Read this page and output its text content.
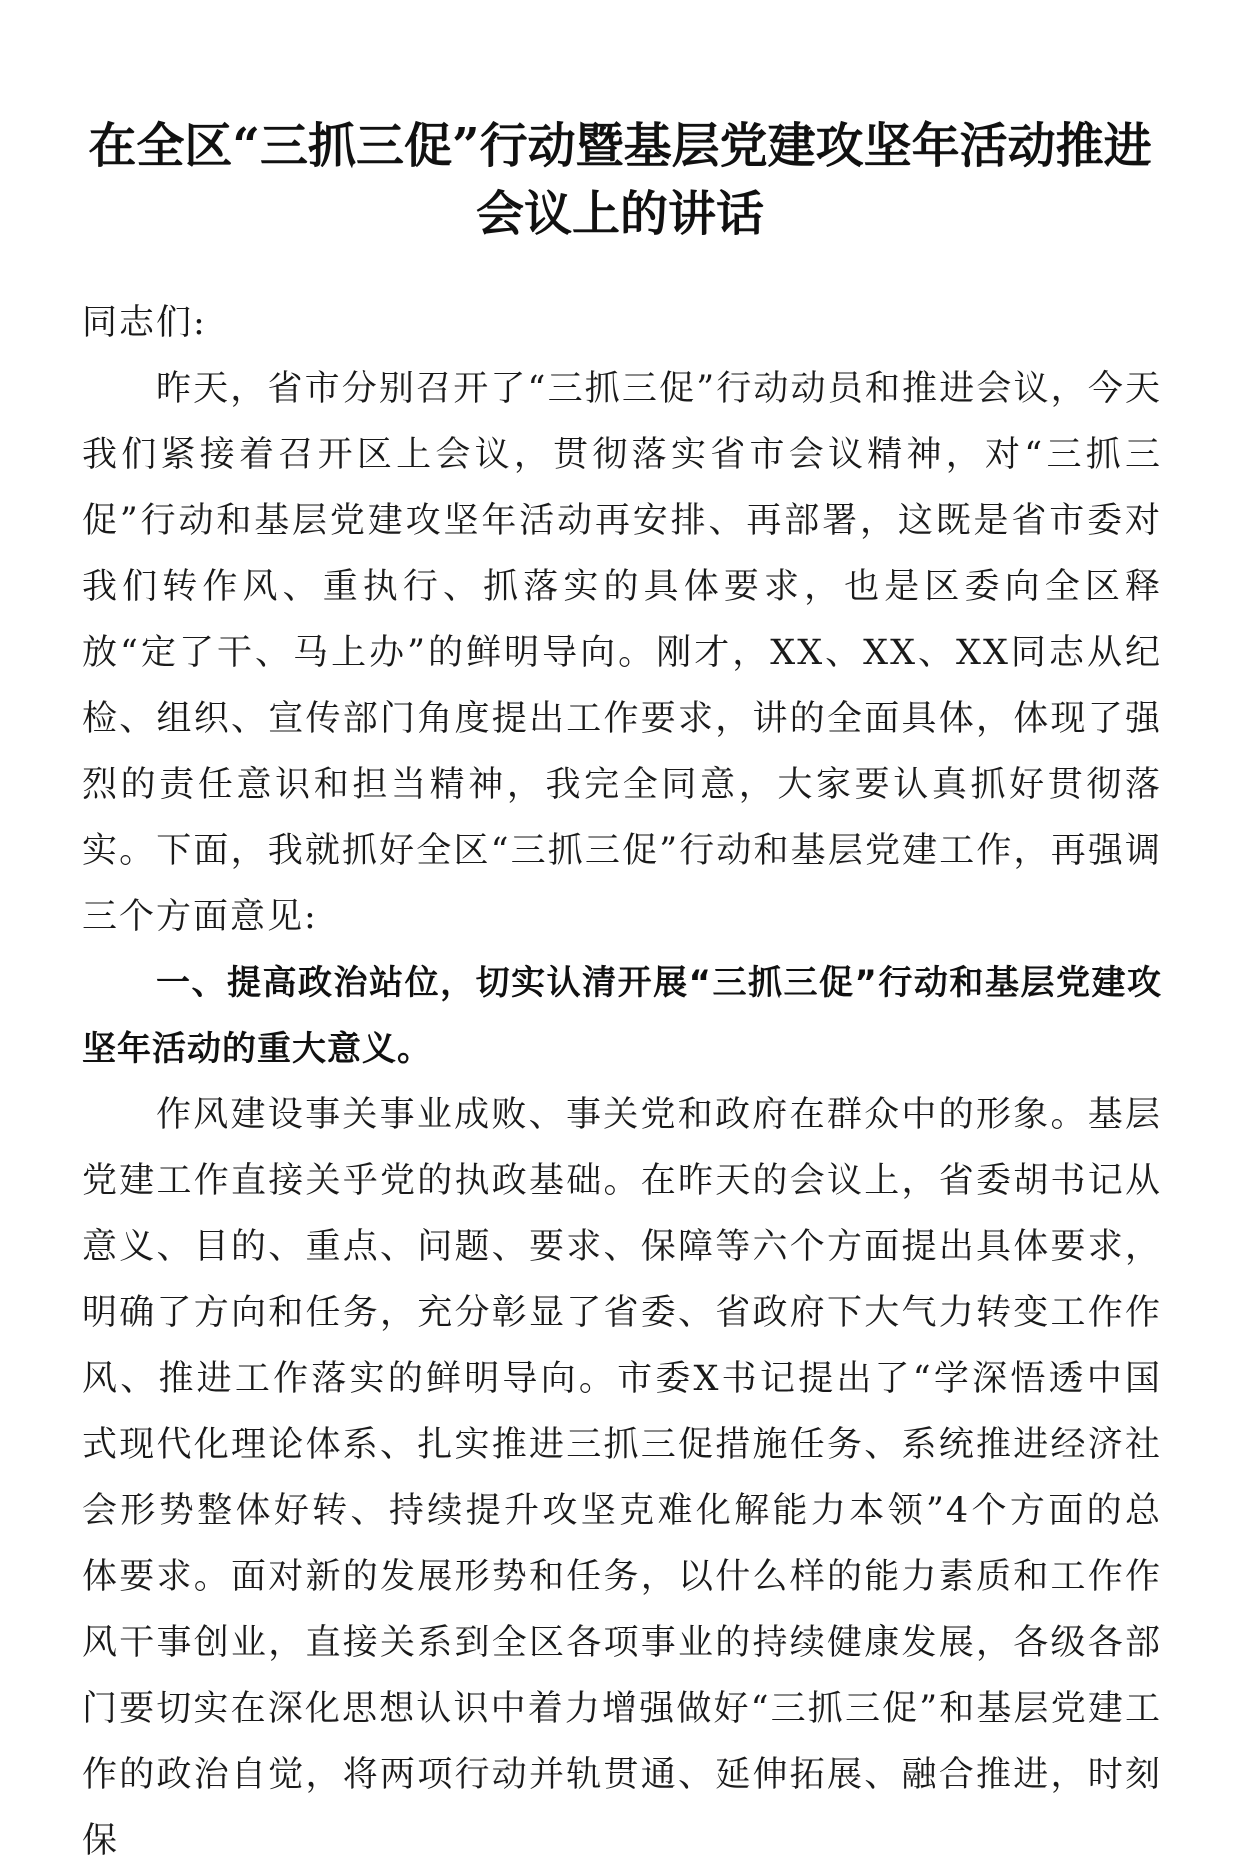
在全区“三抓三促”行动暨基层党建攻坚年活动推进
会议上的讲话

同志们:

昨天，省市分别召开了“三抓三促”行动动员和推进会议，今天我们紧接着召开区上会议，贯彻落实省市会议精神，对“三抓三促”行动和基层党建攻坚年活动再安排、再部署，这既是省市委对我们转作风、重执行、抓落实的具体要求，也是区委向全区释放“定了干、马上办”的鲜明导向。刚才，XX、XX、XX同志从纪检、组织、宣传部门角度提出工作要求，讲的全面具体，体现了强烈的责任意识和担当精神，我完全同意，大家要认真抓好贯彻落实。下面，我就抓好全区“三抓三促”行动和基层党建工作，再强调三个方面意见:

一、提高政治站位，切实认清开展“三抓三促”行动和基层党建攻坚年活动的重大意义。

作风建设事关事业成败、事关党和政府在群众中的形象。基层党建工作直接关乎党的执政基础。在昨天的会议上，省委胡书记从意义、目的、重点、问题、要求、保障等六个方面提出具体要求，明确了方向和任务，充分彰显了省委、省政府下大气力转变工作作风、推进工作落实的鲜明导向。市委X书记提出了“学深悟透中国式现代化理论体系、扎实推进三抓三促措施任务、系统推进经济社会形势整体好转、持续提升攻坚克难化解能力本领”4个方面的总体要求。面对新的发展形势和任务，以什么样的能力素质和工作作风干事创业，直接关系到全区各项事业的持续健康发展，各级各部门要切实在深化思想认识中着力增强做好“三抓三促”和基层党建工作的政治自觉，将两项行动并轨贯通、延伸拓展、融合推进，时刻保
